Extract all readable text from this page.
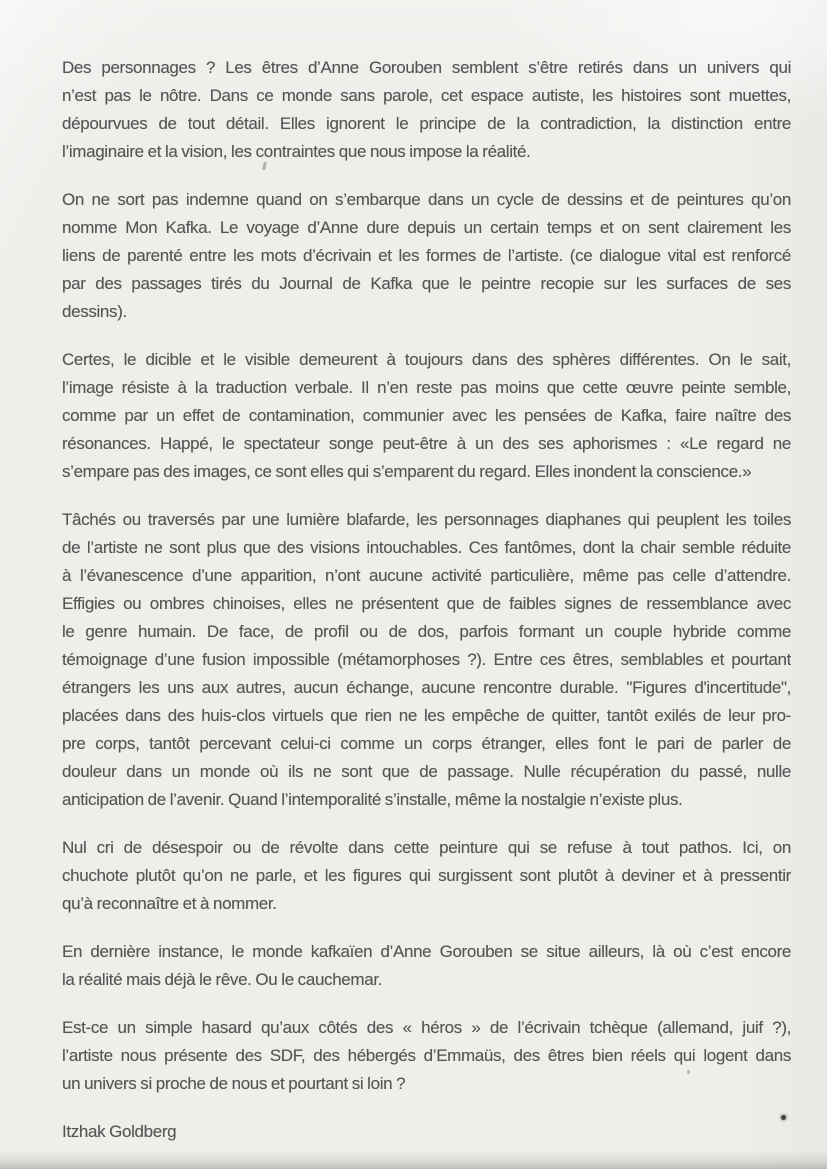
Des personnages ? Les êtres d’Anne Gorouben semblent s’être retirés dans un univers qui
n’est pas le nôtre. Dans ce monde sans parole, cet espace autiste, les histoires sont muettes,
dépourvues de tout détail. Elles ignorent le principe de la contradiction, la distinction entre
l’imaginaire et la vision, les contraintes que nous impose la réalité.
On ne sort pas indemne quand on s’embarque dans un cycle de dessins et de peintures qu’on
nomme Mon Kafka. Le voyage d’Anne dure depuis un certain temps et on sent clairement les
liens de parenté entre les mots d’écrivain et les formes de l’artiste. (ce dialogue vital est renforcé
par des passages tirés du Journal de Kafka que le peintre recopie sur les surfaces de ses
dessins).
Certes, le dicible et le visible demeurent à toujours dans des sphères différentes. On le sait,
l’image résiste à la traduction verbale. Il n’en reste pas moins que cette œuvre peinte semble,
comme par un effet de contamination, communier avec les pensées de Kafka, faire naître des
résonances. Happé, le spectateur songe peut-être à un des ses aphorismes : «Le regard ne
s’empare pas des images, ce sont elles qui s’emparent du regard. Elles inondent la conscience.»
Tâchés ou traversés par une lumière blafarde, les personnages diaphanes qui peuplent les toiles
de l’artiste ne sont plus que des visions intouchables. Ces fantômes, dont la chair semble réduite
à l’évanescence d’une apparition, n’ont aucune activité particulière, même pas celle d’attendre.
Effigies ou ombres chinoises, elles ne présentent que de faibles signes de ressemblance avec
le genre humain. De face, de profil ou de dos, parfois formant un couple hybride comme
témoignage d’une fusion impossible (métamorphoses ?). Entre ces êtres, semblables et pourtant
étrangers les uns aux autres, aucun échange, aucune rencontre durable. "Figures d'incertitude",
placées dans des huis-clos virtuels que rien ne les empêche de quitter, tantôt exilés de leur pro-
pre corps, tantôt percevant celui-ci comme un corps étranger, elles font le pari de parler de
douleur dans un monde où ils ne sont que de passage. Nulle récupération du passé, nulle
anticipation de l’avenir. Quand l’intemporalité s’installe, même la nostalgie n’existe plus.
Nul cri de désespoir ou de révolte dans cette peinture qui se refuse à tout pathos. Ici, on
chuchote plutôt qu’on ne parle, et les figures qui surgissent sont plutôt à deviner et à pressentir
qu’à reconnaître et à nommer.
En dernière instance, le monde kafkaïen d’Anne Gorouben se situe ailleurs, là où c’est encore
la réalité mais déjà le rêve. Ou le cauchemar.
Est-ce un simple hasard qu’aux côtés des « héros » de l’écrivain tchèque (allemand, juif ?),
l’artiste nous présente des SDF, des hébergés d’Emmaüs, des êtres bien réels qui logent dans
un univers si proche de nous et pourtant si loin ?
Itzhak Goldberg
